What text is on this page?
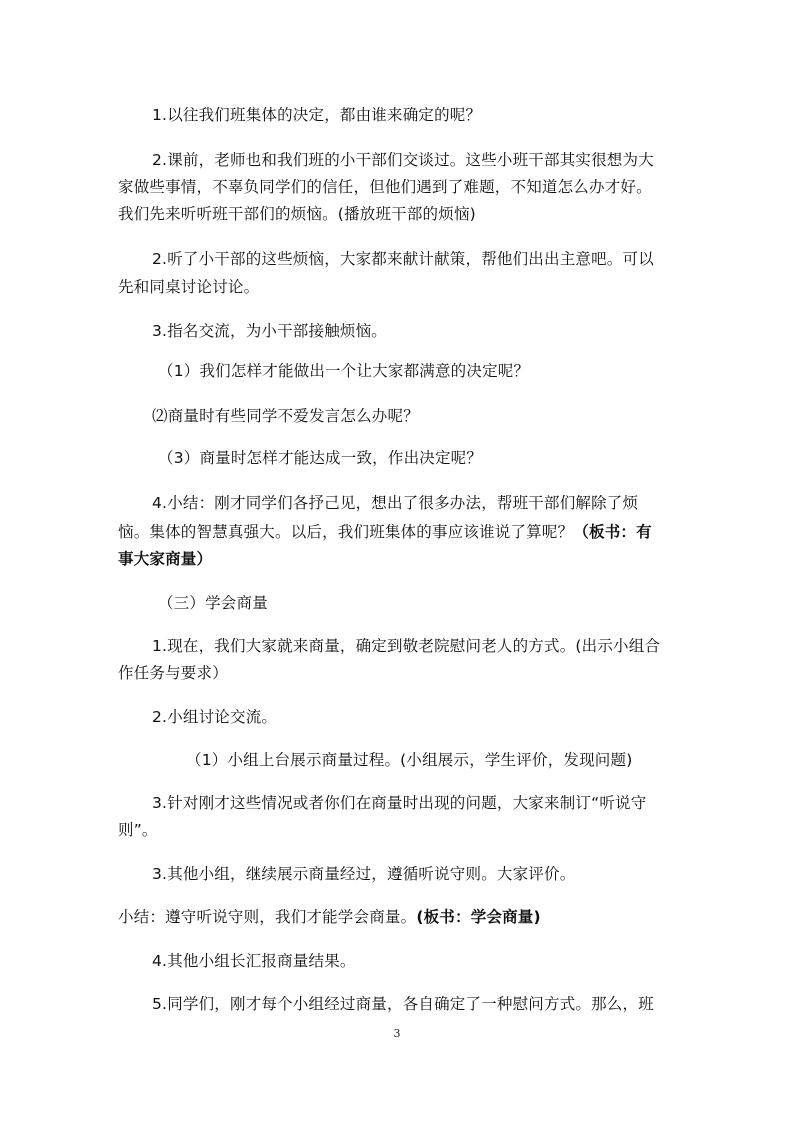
1.以往我们班集体的决定，都由谁来确定的呢？
2.课前，老师也和我们班的小干部们交谈过。这些小班干部其实很想为大
家做些事情，不辜负同学们的信任，但他们遇到了难题，不知道怎么办才好。
我们先来听听班干部们的烦恼。(播放班干部的烦恼)
2.听了小干部的这些烦恼，大家都来献计献策，帮他们出出主意吧。可以
先和同桌讨论讨论。
3.指名交流，为小干部接触烦恼。
（1）我们怎样才能做出一个让大家都满意的决定呢？
⑵商量时有些同学不爱发言怎么办呢？
（3）商量时怎样才能达成一致，作出决定呢？
4.小结：刚才同学们各抒己见，想出了很多办法，帮班干部们解除了烦
恼。集体的智慧真强大。以后，我们班集体的事应该谁说了算呢？（板书：有
事大家商量）
（三）学会商量
1.现在，我们大家就来商量，确定到敬老院慰问老人的方式。(出示小组合
作任务与要求）
2.小组讨论交流。
（1）小组上台展示商量过程。(小组展示，学生评价，发现问题)
3.针对刚才这些情况或者你们在商量时出现的问题，大家来制订“听说守
则”。
3.其他小组，继续展示商量经过，遵循听说守则。大家评价。
小结：遵守听说守则，我们才能学会商量。(板书：学会商量)
4.其他小组长汇报商量结果。
5.同学们，刚才每个小组经过商量，各自确定了一种慰问方式。那么，班
3
